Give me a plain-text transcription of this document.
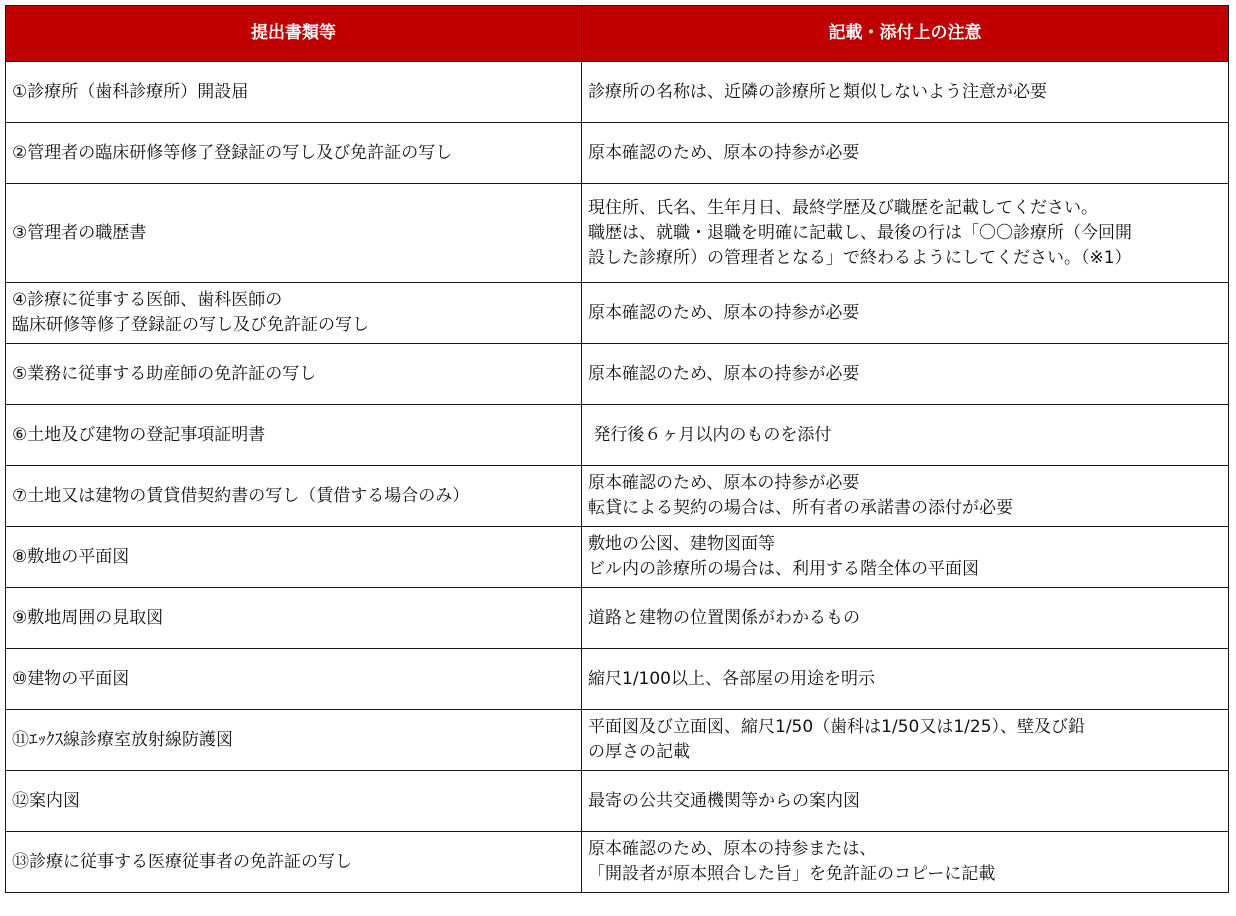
提出書類等	記載・添付上の注意

①診療所（歯科診療所）開設届	診療所の名称は、近隣の診療所と類似しないよう注意が必要

②管理者の臨床研修等修了登録証の写し及び免許証の写し	原本確認のため、原本の持参が必要

③管理者の職歴書	現住所、氏名、生年月日、最終学歴及び職歴を記載してください。
職歴は、就職・退職を明確に記載し、最後の行は「〇〇診療所（今回開
設した診療所）の管理者となる」で終わるようにしてください。（※1）

④診療に従事する医師、歯科医師の
臨床研修等修了登録証の写し及び免許証の写し	原本確認のため、原本の持参が必要

⑤業務に従事する助産師の免許証の写し	原本確認のため、原本の持参が必要

⑥土地及び建物の登記事項証明書	発行後６ヶ月以内のものを添付

⑦土地又は建物の賃貸借契約書の写し（賃借する場合のみ）	原本確認のため、原本の持参が必要
転貸による契約の場合は、所有者の承諾書の添付が必要

⑧敷地の平面図	敷地の公図、建物図面等
ビル内の診療所の場合は、利用する階全体の平面図

⑨敷地周囲の見取図	道路と建物の位置関係がわかるもの

⑩建物の平面図	縮尺1/100以上、各部屋の用途を明示

⑪ｴｯｸｽ線診療室放射線防護図	平面図及び立面図、縮尺1/50（歯科は1/50又は1/25）、壁及び鉛
の厚さの記載

⑫案内図	最寄の公共交通機関等からの案内図

⑬診療に従事する医療従事者の免許証の写し	原本確認のため、原本の持参または、
「開設者が原本照合した旨」を免許証のコピーに記載
